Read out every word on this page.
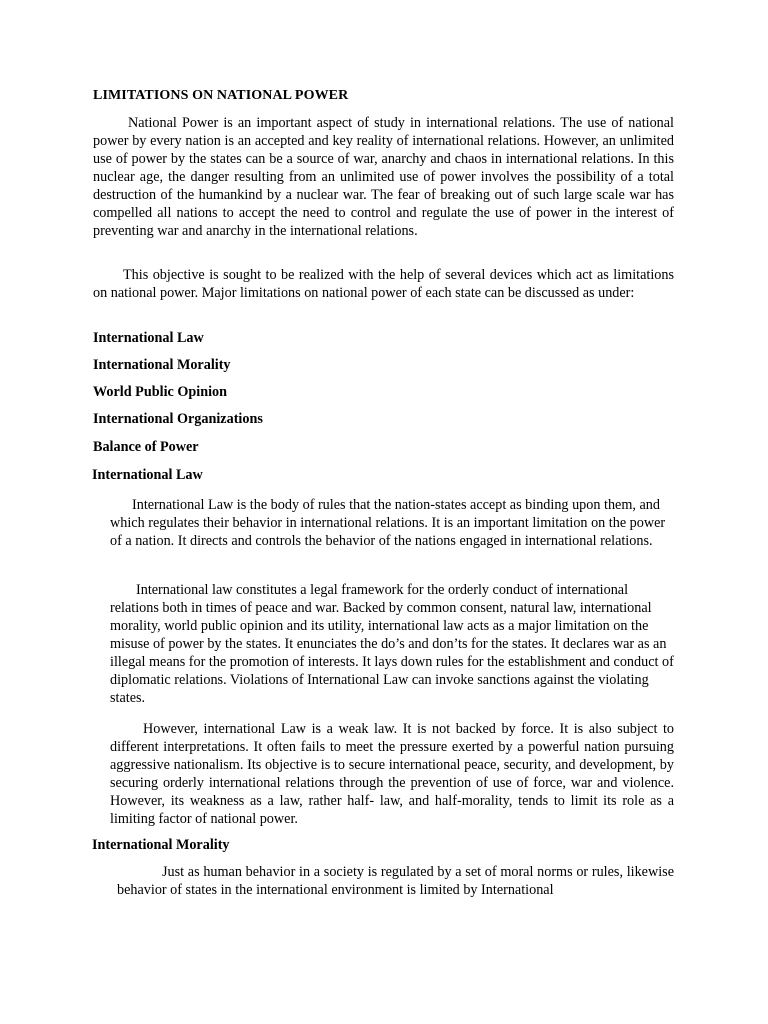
LIMITATIONS ON NATIONAL POWER

National Power is an important aspect of study in international relations. The use of national power by every nation is an accepted and key reality of international relations. However, an unlimited use of power by the states can be a source of war, anarchy and chaos in international relations. In this nuclear age, the danger resulting from an unlimited use of power involves the possibility of a total destruction of the humankind by a nuclear war. The fear of breaking out of such large scale war has compelled all nations to accept the need to control and regulate the use of power in the interest of preventing war and anarchy in the international relations.

This objective is sought to be realized with the help of several devices which act as limitations on national power. Major limitations on national power of each state can be discussed as under:

International Law
International Morality
World Public Opinion
International Organizations
Balance of Power
International Law

International Law is the body of rules that the nation-states accept as binding upon them, and which regulates their behavior in international relations. It is an important limitation on the power of a nation. It directs and controls the behavior of the nations engaged in international relations.

International law constitutes a legal framework for the orderly conduct of international relations both in times of peace and war. Backed by common consent, natural law, international morality, world public opinion and its utility, international law acts as a major limitation on the misuse of power by the states. It enunciates the do’s and don’ts for the states. It declares war as an illegal means for the promotion of interests. It lays down rules for the establishment and conduct of diplomatic relations. Violations of International Law can invoke sanctions against the violating states.

However, international Law is a weak law. It is not backed by force. It is also subject to different interpretations. It often fails to meet the pressure exerted by a powerful nation pursuing aggressive nationalism. Its objective is to secure international peace, security, and development, by securing orderly international relations through the prevention of use of force, war and violence. However, its weakness as a law, rather half- law, and half-morality, tends to limit its role as a limiting factor of national power.

International Morality

Just as human behavior in a society is regulated by a set of moral norms or rules, likewise behavior of states in the international environment is limited by International
